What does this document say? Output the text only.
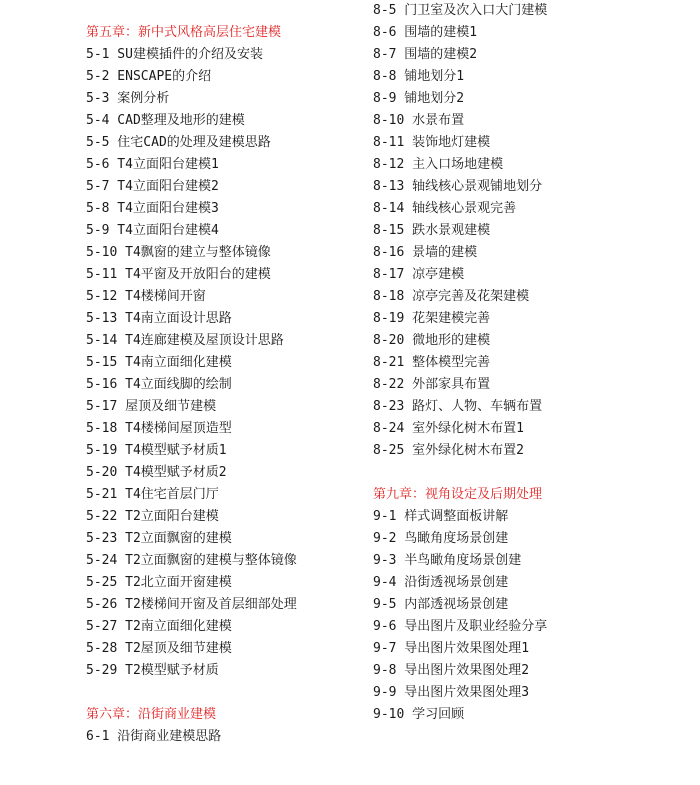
第五章：新中式风格高层住宅建模
5-1 SU建模插件的介绍及安装
5-2 ENSCAPE的介绍
5-3 案例分析
5-4 CAD整理及地形的建模
5-5 住宅CAD的处理及建模思路
5-6 T4立面阳台建模1
5-7 T4立面阳台建模2
5-8 T4立面阳台建模3
5-9 T4立面阳台建模4
5-10 T4飘窗的建立与整体镜像
5-11 T4平窗及开放阳台的建模
5-12 T4楼梯间开窗
5-13 T4南立面设计思路
5-14 T4连廊建模及屋顶设计思路
5-15 T4南立面细化建模
5-16 T4立面线脚的绘制
5-17 屋顶及细节建模
5-18 T4楼梯间屋顶造型
5-19 T4模型赋予材质1
5-20 T4模型赋予材质2
5-21 T4住宅首层门厅
5-22 T2立面阳台建模
5-23 T2立面飘窗的建模
5-24 T2立面飘窗的建模与整体镜像
5-25 T2北立面开窗建模
5-26 T2楼梯间开窗及首层细部处理
5-27 T2南立面细化建模
5-28 T2屋顶及细节建模
5-29 T2模型赋予材质
第六章：沿街商业建模
6-1 沿街商业建模思路
8-5 门卫室及次入口大门建模
8-6 围墙的建模1
8-7 围墙的建模2
8-8 铺地划分1
8-9 铺地划分2
8-10 水景布置
8-11 装饰地灯建模
8-12 主入口场地建模
8-13 轴线核心景观铺地划分
8-14 轴线核心景观完善
8-15 跌水景观建模
8-16 景墙的建模
8-17 凉亭建模
8-18 凉亭完善及花架建模
8-19 花架建模完善
8-20 微地形的建模
8-21 整体模型完善
8-22 外部家具布置
8-23 路灯、人物、车辆布置
8-24 室外绿化树木布置1
8-25 室外绿化树木布置2
第九章：视角设定及后期处理
9-1 样式调整面板讲解
9-2 鸟瞰角度场景创建
9-3 半鸟瞰角度场景创建
9-4 沿街透视场景创建
9-5 内部透视场景创建
9-6 导出图片及职业经验分享
9-7 导出图片效果图处理1
9-8 导出图片效果图处理2
9-9 导出图片效果图处理3
9-10 学习回顾
